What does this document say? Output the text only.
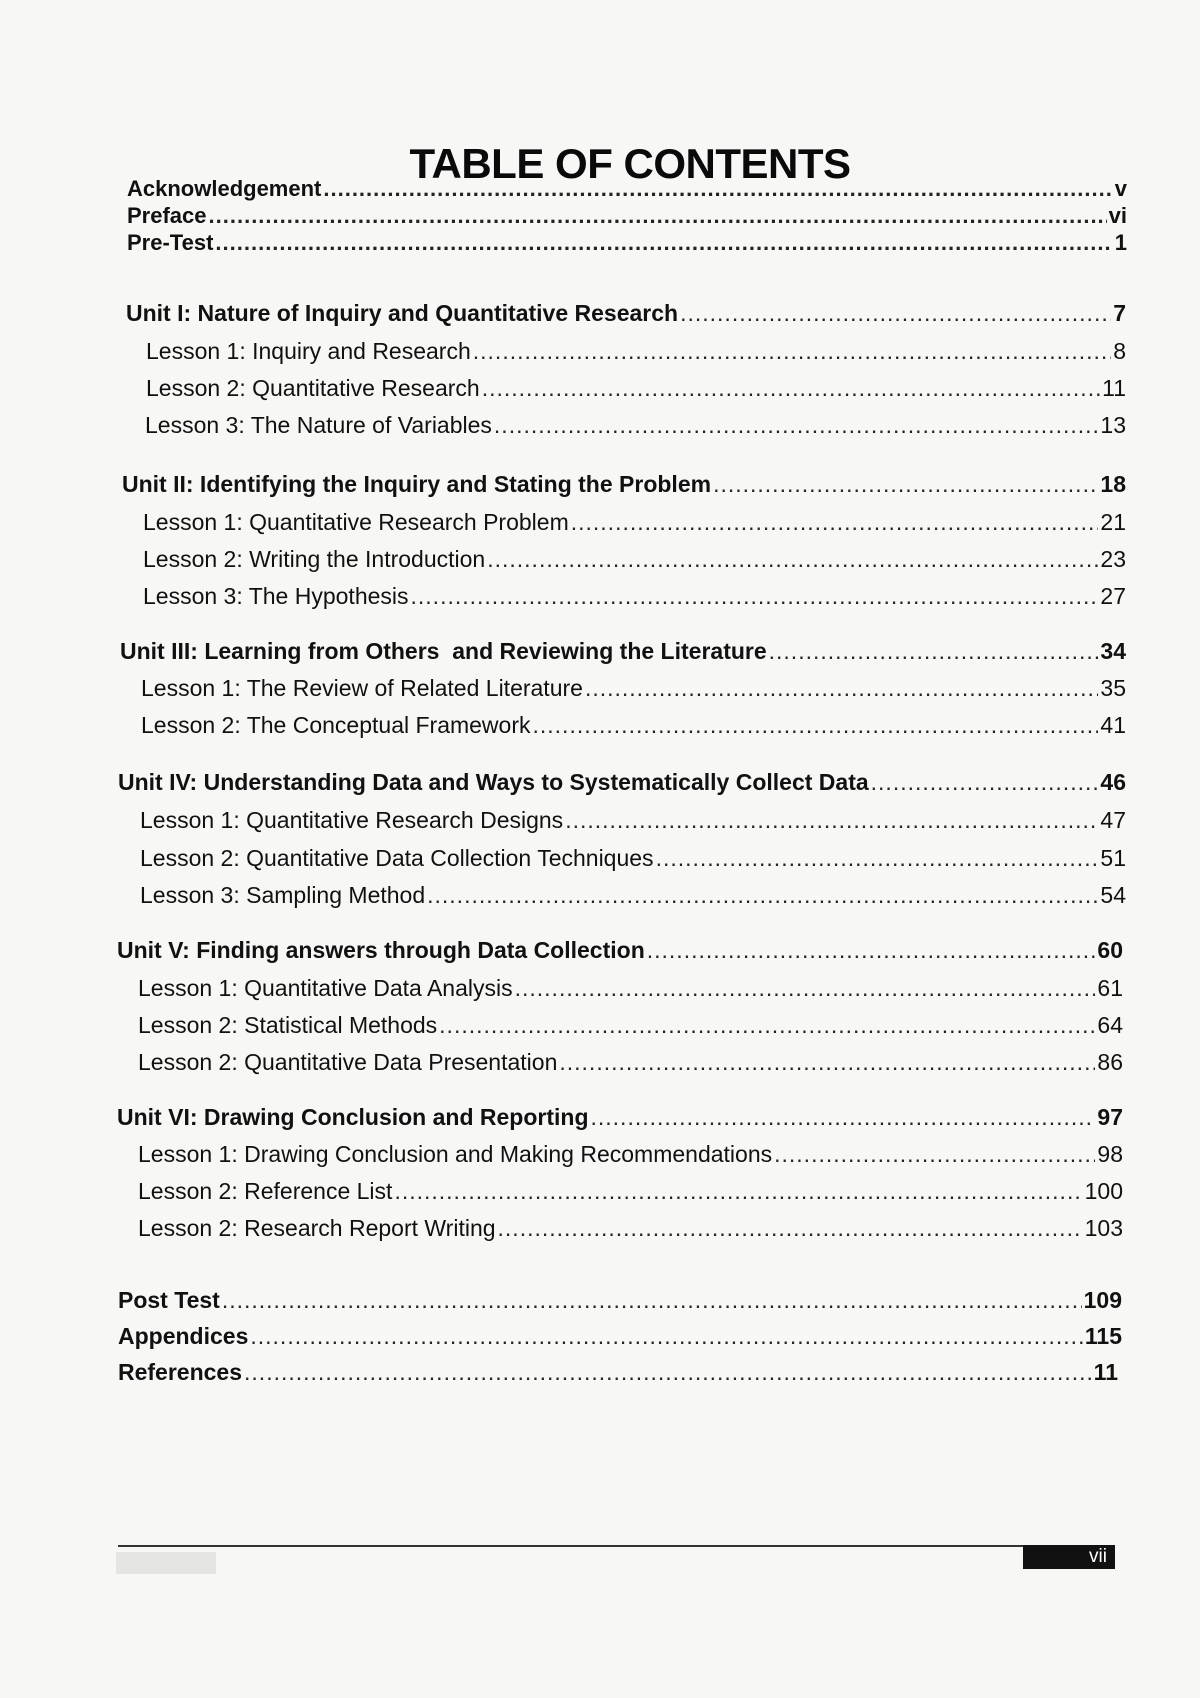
TABLE OF CONTENTS
Acknowledgement .....	v
Preface .....	vi
Pre-Test .....	1
Unit I: Nature of Inquiry and Quantitative Research .....	7
Lesson 1: Inquiry and Research .....	8
Lesson 2: Quantitative Research .....	11
Lesson 3: The Nature of Variables .....	13
Unit II: Identifying the Inquiry and Stating the Problem .....	18
Lesson 1: Quantitative Research Problem .....	21
Lesson 2: Writing the Introduction .....	23
Lesson 3: The Hypothesis .....	27
Unit III: Learning from Others  and Reviewing the Literature .....	34
Lesson 1: The Review of Related Literature .....	35
Lesson 2: The Conceptual Framework .....	41
Unit IV: Understanding Data and Ways to Systematically Collect Data .....	46
Lesson 1: Quantitative Research Designs .....	47
Lesson 2: Quantitative Data Collection Techniques .....	51
Lesson 3: Sampling Method .....	54
Unit V: Finding answers through Data Collection .....	60
Lesson 1: Quantitative Data Analysis .....	61
Lesson 2: Statistical Methods .....	64
Lesson 2: Quantitative Data Presentation .....	86
Unit VI: Drawing Conclusion and Reporting .....	97
Lesson 1: Drawing Conclusion and Making Recommendations .....	98
Lesson 2: Reference List .....	100
Lesson 2: Research Report Writing .....	103
Post Test .....	109
Appendices .....	115
References .....	11
vii
